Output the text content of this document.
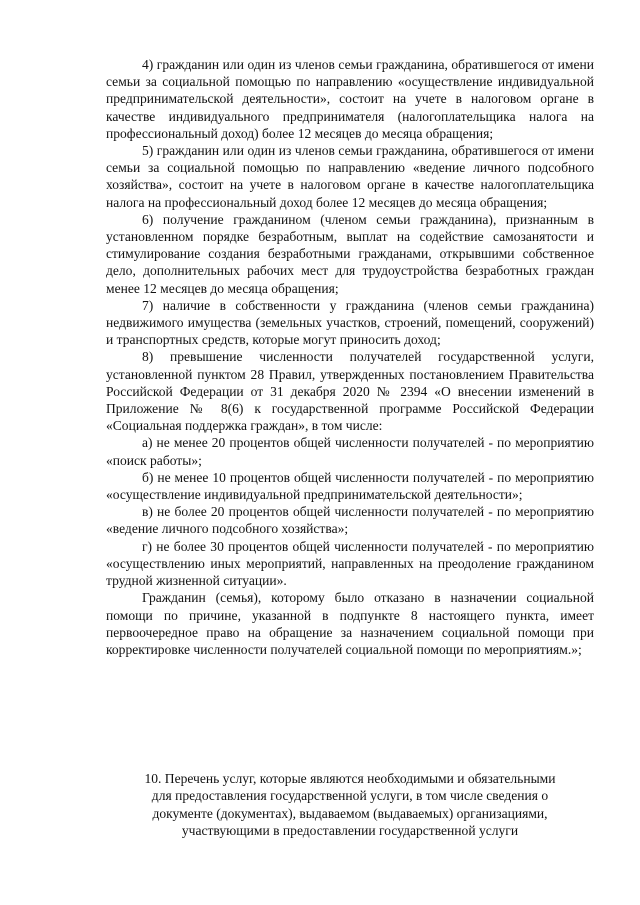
4) гражданин или один из членов семьи гражданина, обратившегося от имени семьи за социальной помощью по направлению «осуществление индивидуальной предпринимательской деятельности», состоит на учете в налоговом органе в качестве индивидуального предпринимателя (налогоплательщика налога на профессиональный доход) более 12 месяцев до месяца обращения;

5) гражданин или один из членов семьи гражданина, обратившегося от имени семьи за социальной помощью по направлению «ведение личного подсобного хозяйства», состоит на учете в налоговом органе в качестве налогоплательщика налога на профессиональный доход более 12 месяцев до месяца обращения;

6) получение гражданином (членом семьи гражданина), признанным в установленном порядке безработным, выплат на содействие самозанятости и стимулирование создания безработными гражданами, открывшими собственное дело, дополнительных рабочих мест для трудоустройства безработных граждан менее 12 месяцев до месяца обращения;

7) наличие в собственности у гражданина (членов семьи гражданина) недвижимого имущества (земельных участков, строений, помещений, сооружений) и транспортных средств, которые могут приносить доход;

8) превышение численности получателей государственной услуги, установленной пунктом 28 Правил, утвержденных постановлением Правительства Российской Федерации от 31 декабря 2020 № 2394 «О внесении изменений в Приложение № 8(6) к государственной программе Российской Федерации «Социальная поддержка граждан», в том числе:

а) не менее 20 процентов общей численности получателей - по мероприятию «поиск работы»;

б) не менее 10 процентов общей численности получателей - по мероприятию «осуществление индивидуальной предпринимательской деятельности»;

в) не более 20 процентов общей численности получателей - по мероприятию «ведение личного подсобного хозяйства»;

г) не более 30 процентов общей численности получателей - по мероприятию «осуществлению иных мероприятий, направленных на преодоление гражданином трудной жизненной ситуации».

Гражданин (семья), которому было отказано в назначении социальной помощи по причине, указанной в подпункте 8 настоящего пункта, имеет первоочередное право на обращение за назначением социальной помощи при корректировке численности получателей социальной помощи по мероприятиям.»;

10. Перечень услуг, которые являются необходимыми и обязательными
для предоставления государственной услуги, в том числе сведения о
документе (документах), выдаваемом (выдаваемых) организациями,
участвующими в предоставлении государственной услуги
